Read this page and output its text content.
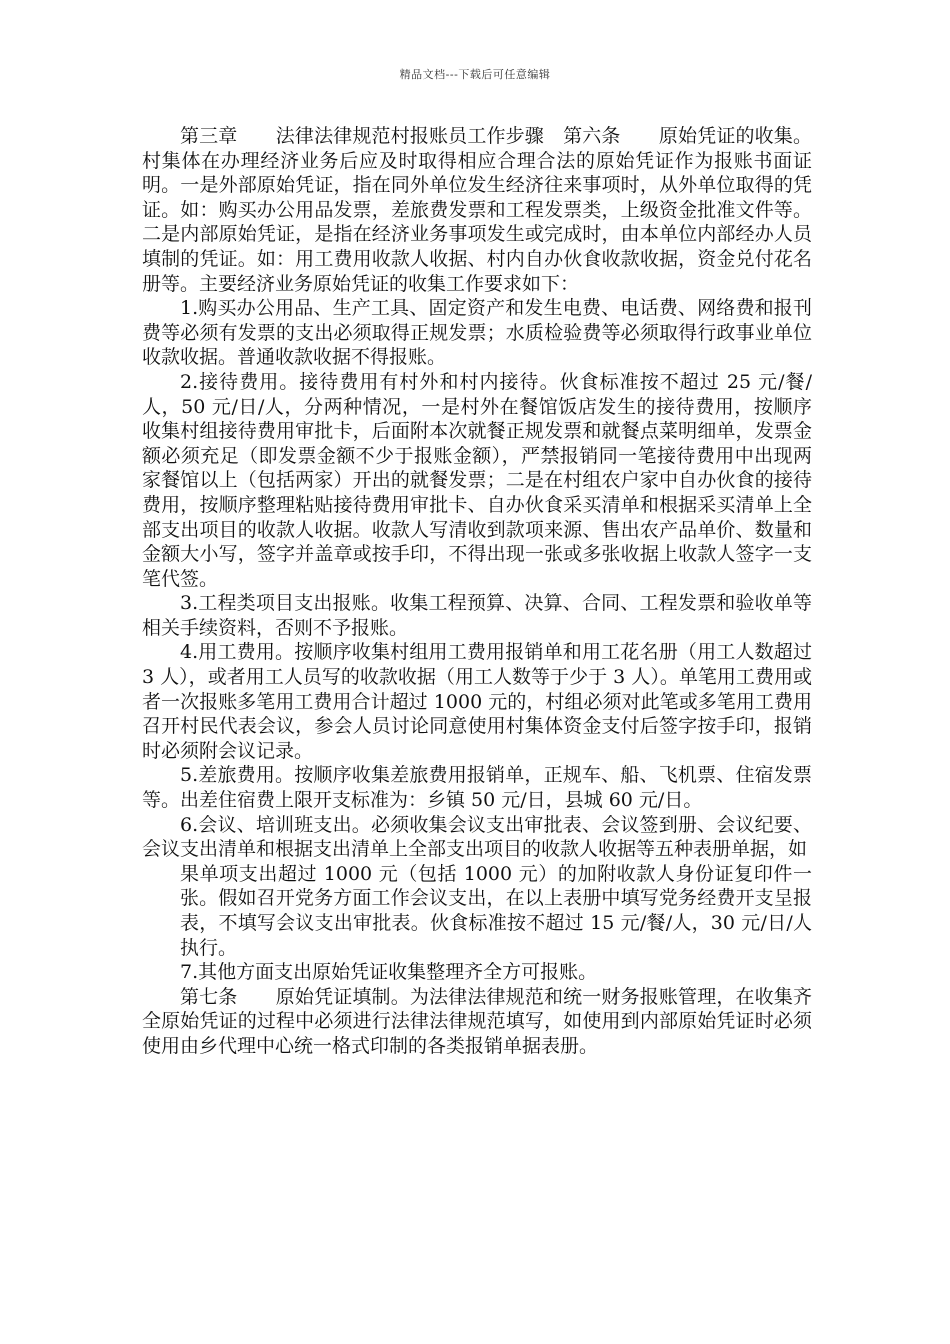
精品文档---下载后可任意编辑

第三章　　法律法律规范村报账员工作步骤　第六条　　原始凭证的收集。村集体在办理经济业务后应及时取得相应合理合法的原始凭证作为报账书面证明。一是外部原始凭证，指在同外单位发生经济往来事项时，从外单位取得的凭证。如：购买办公用品发票，差旅费发票和工程发票类，上级资金批准文件等。二是内部原始凭证，是指在经济业务事项发生或完成时，由本单位内部经办人员填制的凭证。如：用工费用收款人收据、村内自办伙食收款收据，资金兑付花名册等。主要经济业务原始凭证的收集工作要求如下：

1.购买办公用品、生产工具、固定资产和发生电费、电话费、网络费和报刊费等必须有发票的支出必须取得正规发票；水质检验费等必须取得行政事业单位收款收据。普通收款收据不得报账。

2.接待费用。接待费用有村外和村内接待。伙食标准按不超过 25 元/餐/人，50 元/日/人，分两种情况，一是村外在餐馆饭店发生的接待费用，按顺序收集村组接待费用审批卡，后面附本次就餐正规发票和就餐点菜明细单，发票金额必须充足（即发票金额不少于报账金额），严禁报销同一笔接待费用中出现两家餐馆以上（包括两家）开出的就餐发票；二是在村组农户家中自办伙食的接待费用，按顺序整理粘贴接待费用审批卡、自办伙食采买清单和根据采买清单上全部支出项目的收款人收据。收款人写清收到款项来源、售出农产品单价、数量和金额大小写，签字并盖章或按手印，不得出现一张或多张收据上收款人签字一支笔代签。

3.工程类项目支出报账。收集工程预算、决算、合同、工程发票和验收单等相关手续资料，否则不予报账。

4.用工费用。按顺序收集村组用工费用报销单和用工花名册（用工人数超过 3 人），或者用工人员写的收款收据（用工人数等于少于 3 人）。单笔用工费用或者一次报账多笔用工费用合计超过 1000 元的，村组必须对此笔或多笔用工费用召开村民代表会议，参会人员讨论同意使用村集体资金支付后签字按手印，报销时必须附会议记录。

5.差旅费用。按顺序收集差旅费用报销单，正规车、船、飞机票、住宿发票等。出差住宿费上限开支标准为：乡镇 50 元/日，县城 60 元/日。

6.会议、培训班支出。必须收集会议支出审批表、会议签到册、会议纪要、会议支出清单和根据支出清单上全部支出项目的收款人收据等五种表册单据，如

果单项支出超过 1000 元（包括 1000 元）的加附收款人身份证复印件一张。假如召开党务方面工作会议支出，在以上表册中填写党务经费开支呈报表，不填写会议支出审批表。伙食标准按不超过 15 元/餐/人，30 元/日/人执行。

7.其他方面支出原始凭证收集整理齐全方可报账。

第七条　　原始凭证填制。为法律法律规范和统一财务报账管理，在收集齐全原始凭证的过程中必须进行法律法律规范填写，如使用到内部原始凭证时必须使用由乡代理中心统一格式印制的各类报销单据表册。
